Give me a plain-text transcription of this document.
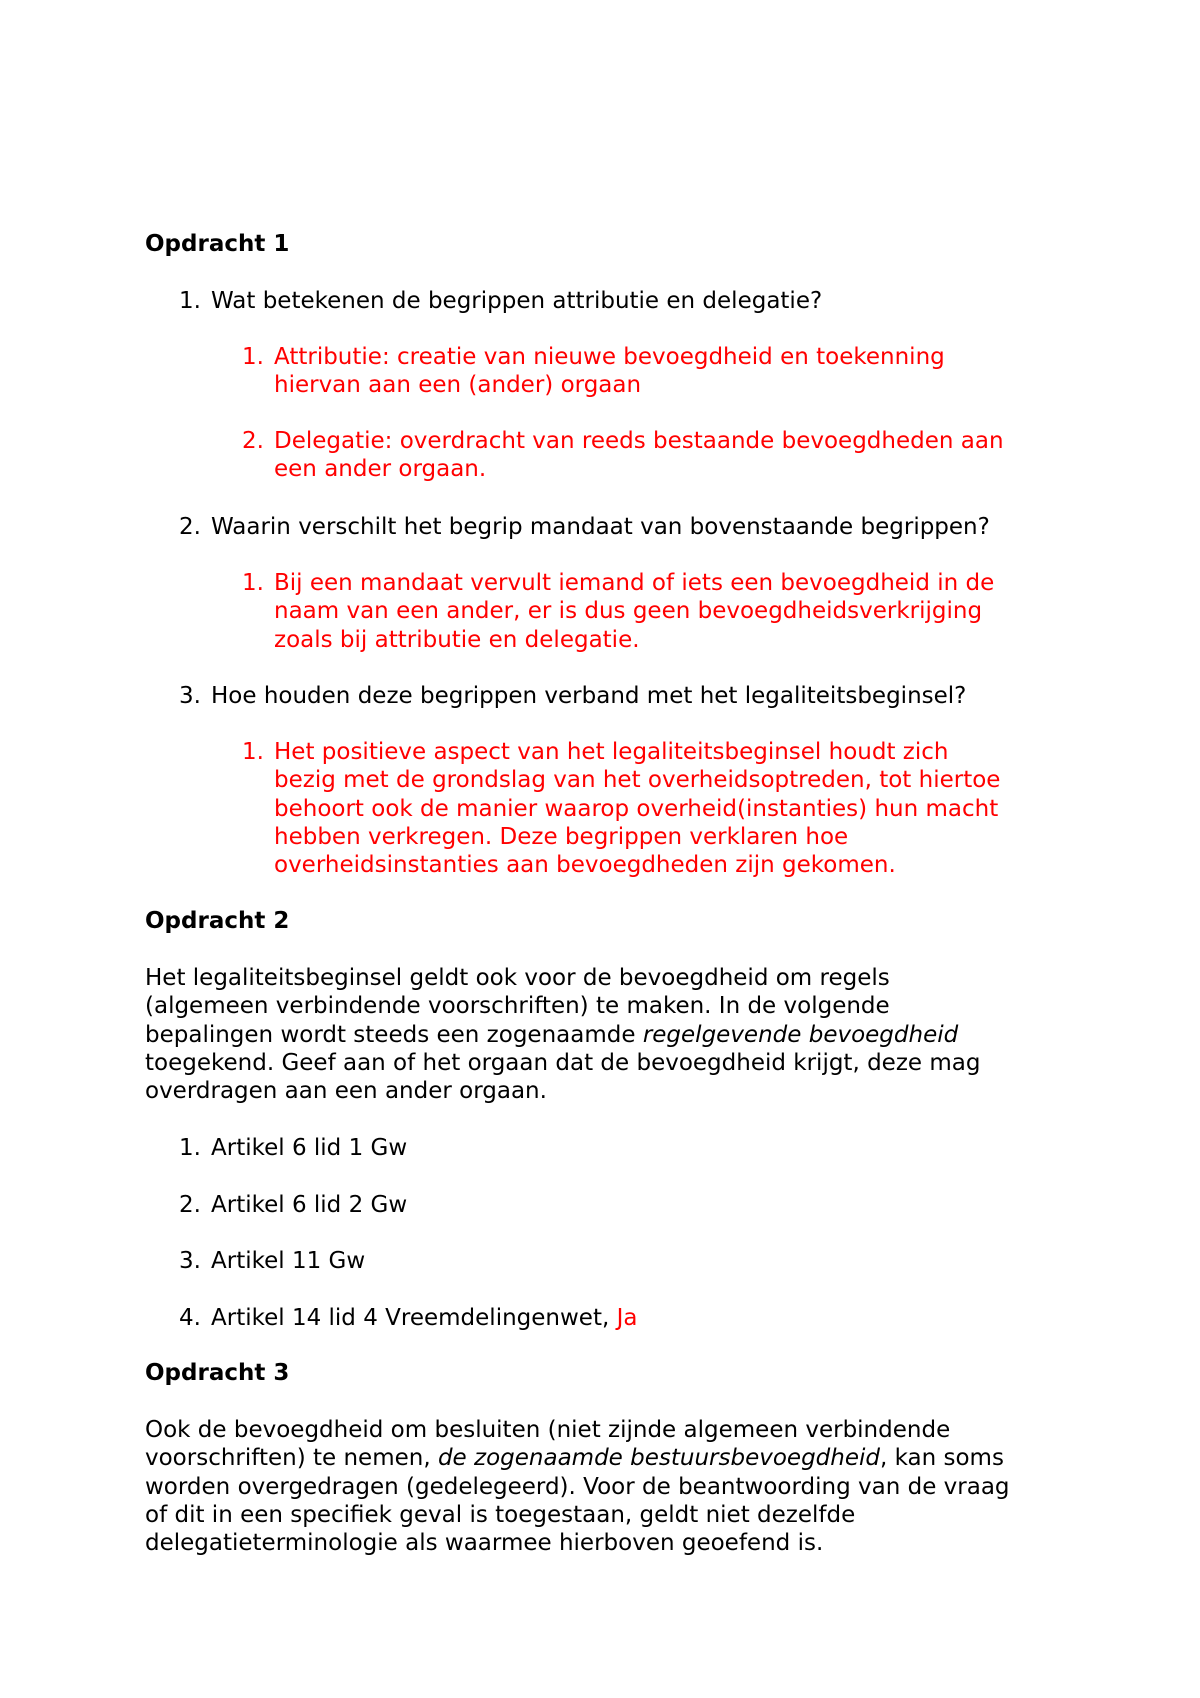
Opdracht 1
1. Wat betekenen de begrippen attributie en delegatie?
1. Attributie: creatie van nieuwe bevoegdheid en toekenning
hiervan aan een (ander) orgaan
2. Delegatie: overdracht van reeds bestaande bevoegdheden aan
een ander orgaan.
2. Waarin verschilt het begrip mandaat van bovenstaande begrippen?
1. Bij een mandaat vervult iemand of iets een bevoegdheid in de
naam van een ander, er is dus geen bevoegdheidsverkrijging
zoals bij attributie en delegatie.
3. Hoe houden deze begrippen verband met het legaliteitsbeginsel?
1. Het positieve aspect van het legaliteitsbeginsel houdt zich
bezig met de grondslag van het overheidsoptreden, tot hiertoe
behoort ook de manier waarop overheid(instanties) hun macht
hebben verkregen. Deze begrippen verklaren hoe
overheidsinstanties aan bevoegdheden zijn gekomen.
Opdracht 2
Het legaliteitsbeginsel geldt ook voor de bevoegdheid om regels
(algemeen verbindende voorschriften) te maken. In de volgende
bepalingen wordt steeds een zogenaamde regelgevende bevoegdheid
toegekend. Geef aan of het orgaan dat de bevoegdheid krijgt, deze mag
overdragen aan een ander orgaan.
1. Artikel 6 lid 1 Gw
2. Artikel 6 lid 2 Gw
3. Artikel 11 Gw
4. Artikel 14 lid 4 Vreemdelingenwet, Ja
Opdracht 3
Ook de bevoegdheid om besluiten (niet zijnde algemeen verbindende
voorschriften) te nemen, de zogenaamde bestuursbevoegdheid, kan soms
worden overgedragen (gedelegeerd). Voor de beantwoording van de vraag
of dit in een specifiek geval is toegestaan, geldt niet dezelfde
delegatieterminologie als waarmee hierboven geoefend is.
